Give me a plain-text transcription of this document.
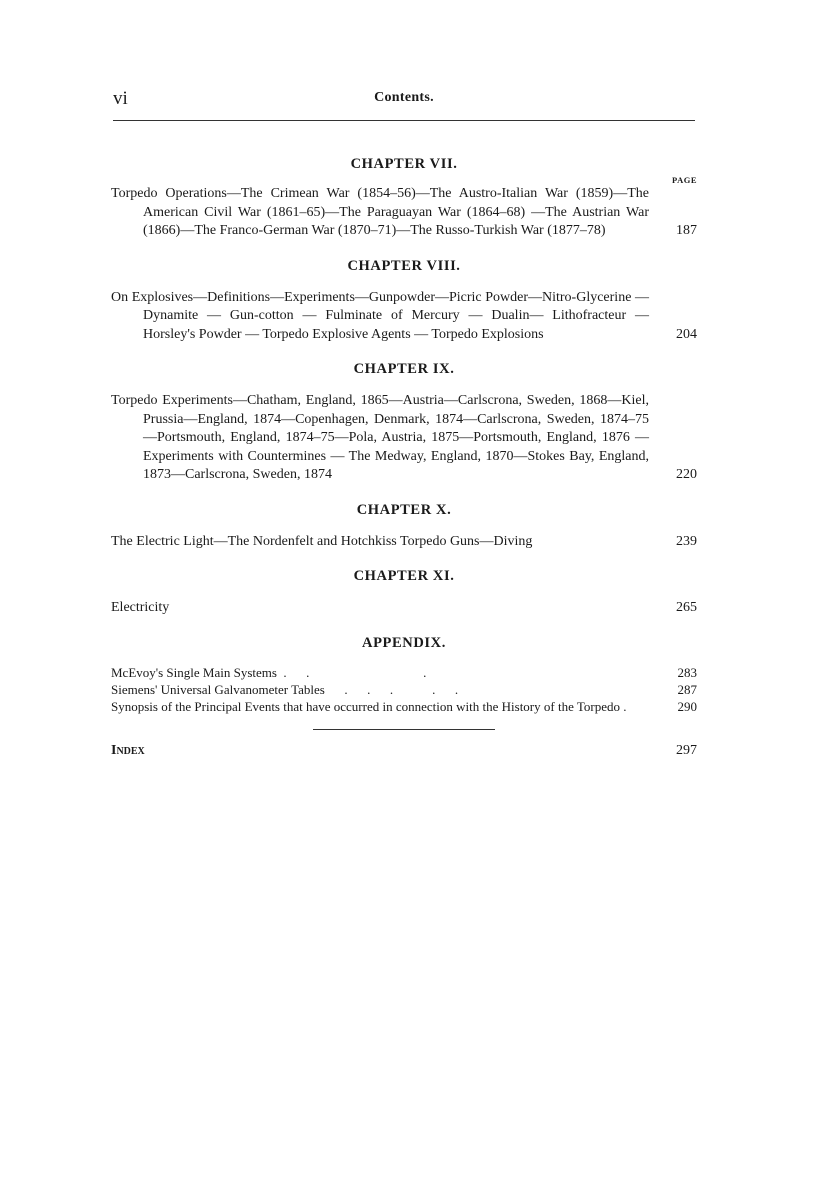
vi	Contents.
CHAPTER VII.
PAGE
Torpedo Operations—The Crimean War (1854–56)—The Austro-Italian War (1859)—The American Civil War (1861–65)—The Paraguayan War (1864–68) —The Austrian War (1866)—The Franco-German War (1870–71)—The Russo-Turkish War (1877–78)	187
CHAPTER VIII.
On Explosives—Definitions—Experiments—Gunpowder—Picric Powder—Nitro-Glycerine — Dynamite — Gun-cotton — Fulminate of Mercury — Dualin— Lithofracteur — Horsley's Powder — Torpedo Explosive Agents — Torpedo Explosions	204
CHAPTER IX.
Torpedo Experiments—Chatham, England, 1865—Austria—Carlscrona, Sweden, 1868—Kiel, Prussia—England, 1874—Copenhagen, Denmark, 1874—Carlscrona, Sweden, 1874–75—Portsmouth, England, 1874–75—Pola, Austria, 1875—Portsmouth, England, 1876 — Experiments with Countermines — The Medway, England, 1870—Stokes Bay, England, 1873—Carlscrona, Sweden, 1874	220
CHAPTER X.
The Electric Light—The Nordenfelt and Hotchkiss Torpedo Guns—Diving	239
CHAPTER XI.
Electricity	265
APPENDIX.
McEvoy's Single Main Systems  .      .                                   .	283
Siemens' Universal Galvanometer Tables      .      .      .            .      .	287
Synopsis of the Principal Events that have occurred in connection with the History of the Torpedo .	290
Index	297
